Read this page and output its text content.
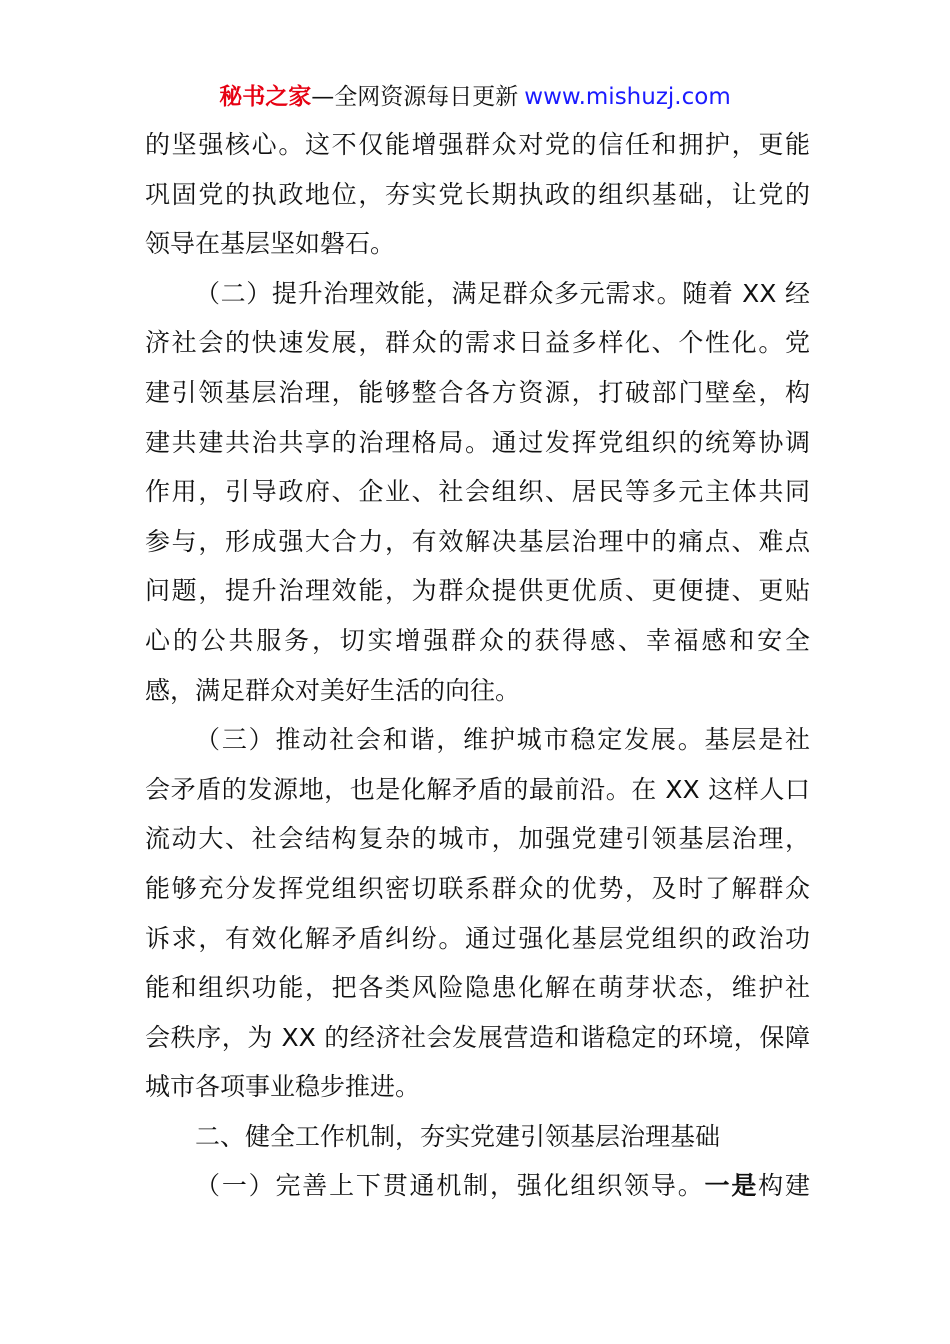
秘书之家—全网资源每日更新 www.mishuzj.com
的坚强核心。这不仅能增强群众对党的信任和拥护，更能
巩固党的执政地位，夯实党长期执政的组织基础，让党的
领导在基层坚如磐石。
（二）提升治理效能，满足群众多元需求。随着 XX 经
济社会的快速发展，群众的需求日益多样化、个性化。党
建引领基层治理，能够整合各方资源，打破部门壁垒，构
建共建共治共享的治理格局。通过发挥党组织的统筹协调
作用，引导政府、企业、社会组织、居民等多元主体共同
参与，形成强大合力，有效解决基层治理中的痛点、难点
问题，提升治理效能，为群众提供更优质、更便捷、更贴
心的公共服务，切实增强群众的获得感、幸福感和安全
感，满足群众对美好生活的向往。
（三）推动社会和谐，维护城市稳定发展。基层是社
会矛盾的发源地，也是化解矛盾的最前沿。在 XX 这样人口
流动大、社会结构复杂的城市，加强党建引领基层治理，
能够充分发挥党组织密切联系群众的优势，及时了解群众
诉求，有效化解矛盾纠纷。通过强化基层党组织的政治功
能和组织功能，把各类风险隐患化解在萌芽状态，维护社
会秩序，为 XX 的经济社会发展营造和谐稳定的环境，保障
城市各项事业稳步推进。
二、健全工作机制，夯实党建引领基层治理基础
（一）完善上下贯通机制，强化组织领导。一是构建
